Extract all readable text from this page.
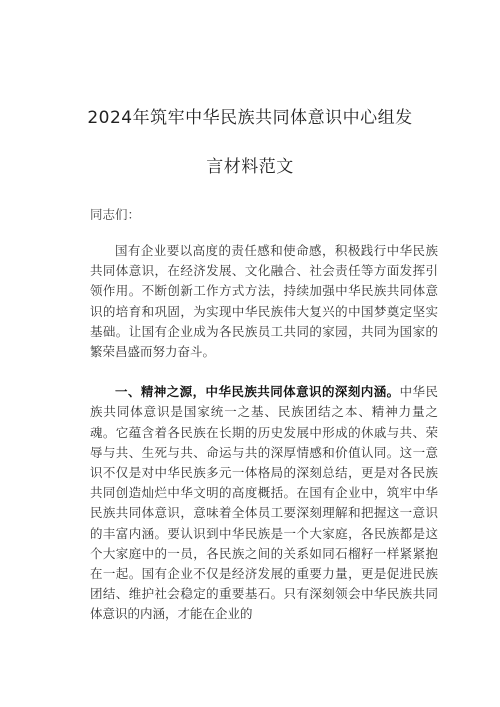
2024年筑牢中华民族共同体意识中心组发
言材料范文
同志们：

国有企业要以高度的责任感和使命感，积极践行中华民族共同体意识，在经济发展、文化融合、社会责任等方面发挥引领作用。不断创新工作方式方法，持续加强中华民族共同体意识的培育和巩固，为实现中华民族伟大复兴的中国梦奠定坚实基础。让国有企业成为各民族员工共同的家园，共同为国家的繁荣昌盛而努力奋斗。

一、精神之源，中华民族共同体意识的深刻内涵。中华民族共同体意识是国家统一之基、民族团结之本、精神力量之魂。它蕴含着各民族在长期的历史发展中形成的休戚与共、荣辱与共、生死与共、命运与共的深厚情感和价值认同。这一意识不仅是对中华民族多元一体格局的深刻总结，更是对各民族共同创造灿烂中华文明的高度概括。在国有企业中，筑牢中华民族共同体意识，意味着全体员工要深刻理解和把握这一意识的丰富内涵。要认识到中华民族是一个大家庭，各民族都是这个大家庭中的一员，各民族之间的关系如同石榴籽一样紧紧抱在一起。国有企业不仅是经济发展的重要力量，更是促进民族团结、维护社会稳定的重要基石。只有深刻领会中华民族共同体意识的内涵，才能在企业的
